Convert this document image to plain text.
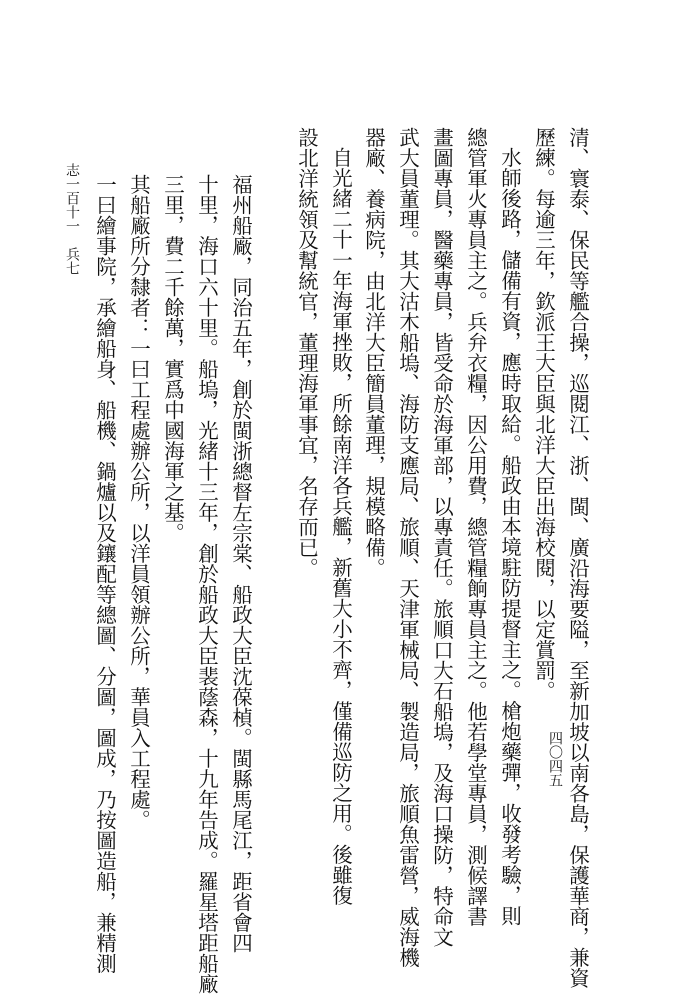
清、寰泰、保民等艦合操，巡閱江、浙、閩、廣沿海要隘，至新加坡以南各島，保護華商，兼資
歷練。每逾三年，欽派王大臣與北洋大臣出海校閱，以定賞罰。
水師後路，儲備有資，應時取給。船政由本境駐防提督主之。槍炮藥彈，收發考驗，則
總管軍火專員主之。兵弁衣糧，因公用費，總管糧餉專員主之。他若學堂專員，測候譯書
畫圖專員，醫藥專員，皆受命於海軍部，以專責任。旅順口大石船塢，及海口操防，特命文
武大員董理。其大沽木船塢、海防支應局、旅順、天津軍械局、製造局，旅順魚雷營，威海機
器廠、養病院，由北洋大臣簡員董理，規模略備。
自光緒二十一年海軍挫敗，所餘南洋各兵艦，新舊大小不齊，僅備巡防之用。後雖復
設北洋統領及幫統官，董理海軍事宜，名存而已。
福州船廠，同治五年，創於閩浙總督左宗棠、船政大臣沈葆楨。閩縣馬尾江，距省會四
十里，海口六十里。船塢，光緒十三年，創於船政大臣裴蔭森，十九年告成。羅星塔距船廠
三里，費二千餘萬，實爲中國海軍之基。
其船廠所分隸者：一曰工程處辦公所，以洋員領辦公所，華員入工程處。
一曰繪事院，承繪船身、船機、鍋爐以及鑲配等總圖、分圖，圖成，乃按圖造船，兼精測
志一百十一　兵七
四〇四五
